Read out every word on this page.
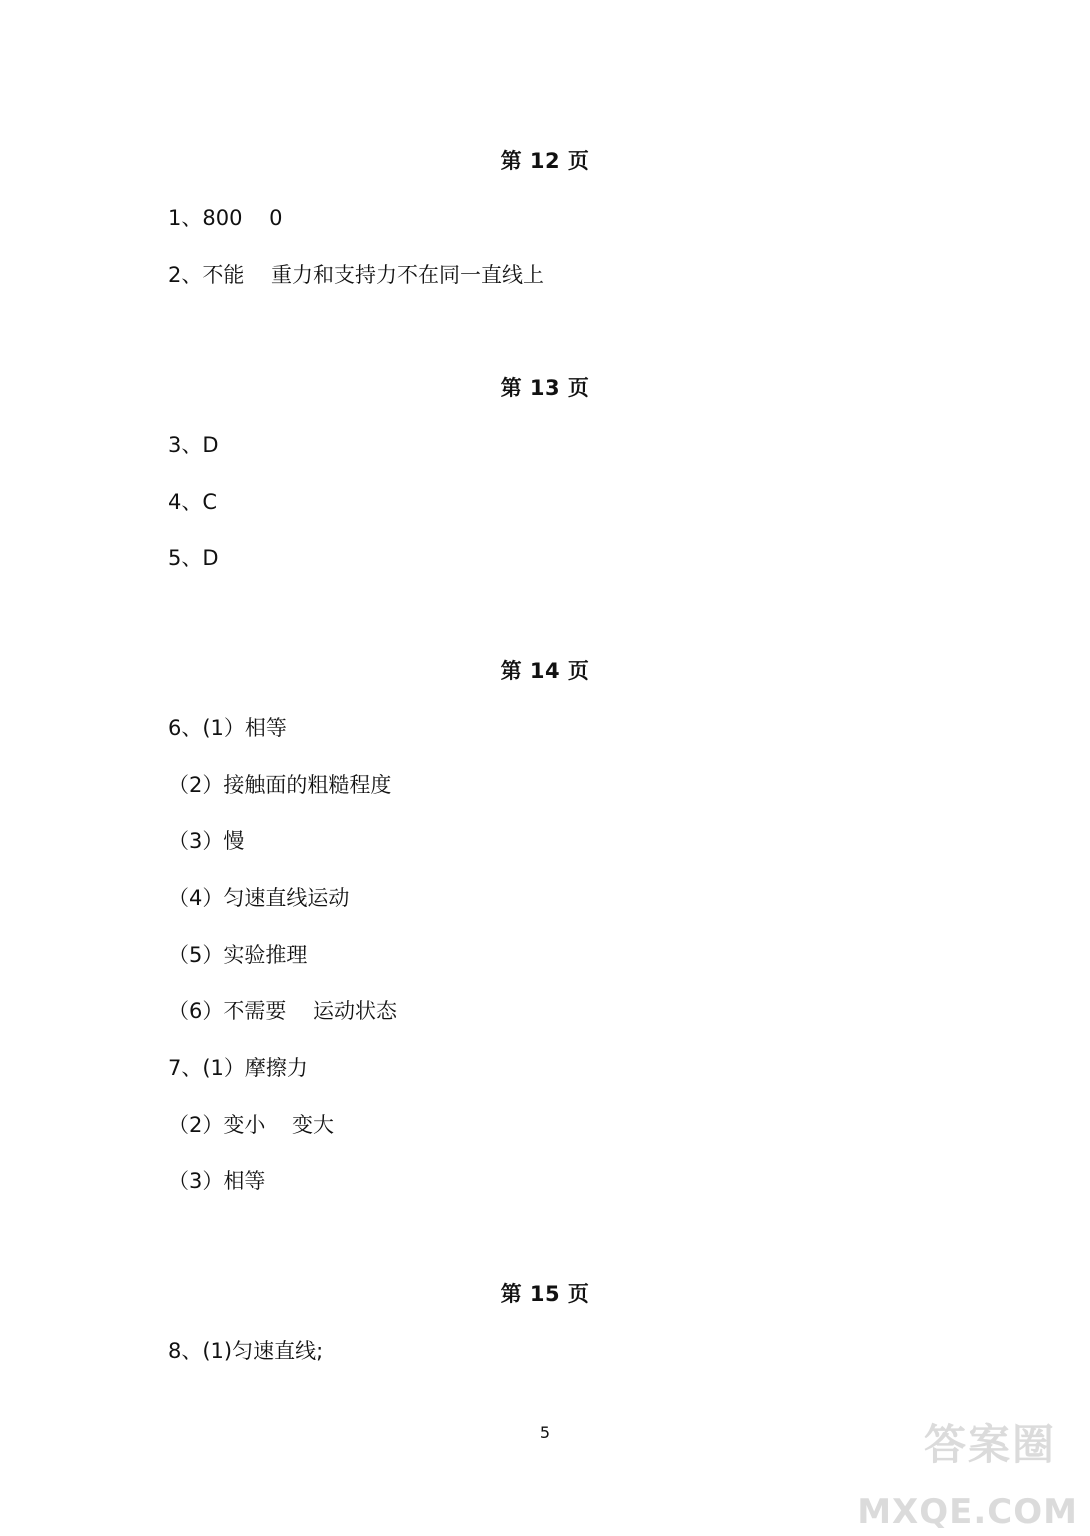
第 12 页

1、800    0

2、不能    重力和支持力不在同一直线上

第 13 页

3、D

4、C

5、D

第 14 页

6、(1）相等

（2）接触面的粗糙程度

（3）慢

（4）匀速直线运动

（5）实验推理

（6）不需要    运动状态

7、(1）摩擦力

（2）变小    变大

（3）相等

第 15 页

8、(1)匀速直线;

5	答案圈
MXQE.COM
